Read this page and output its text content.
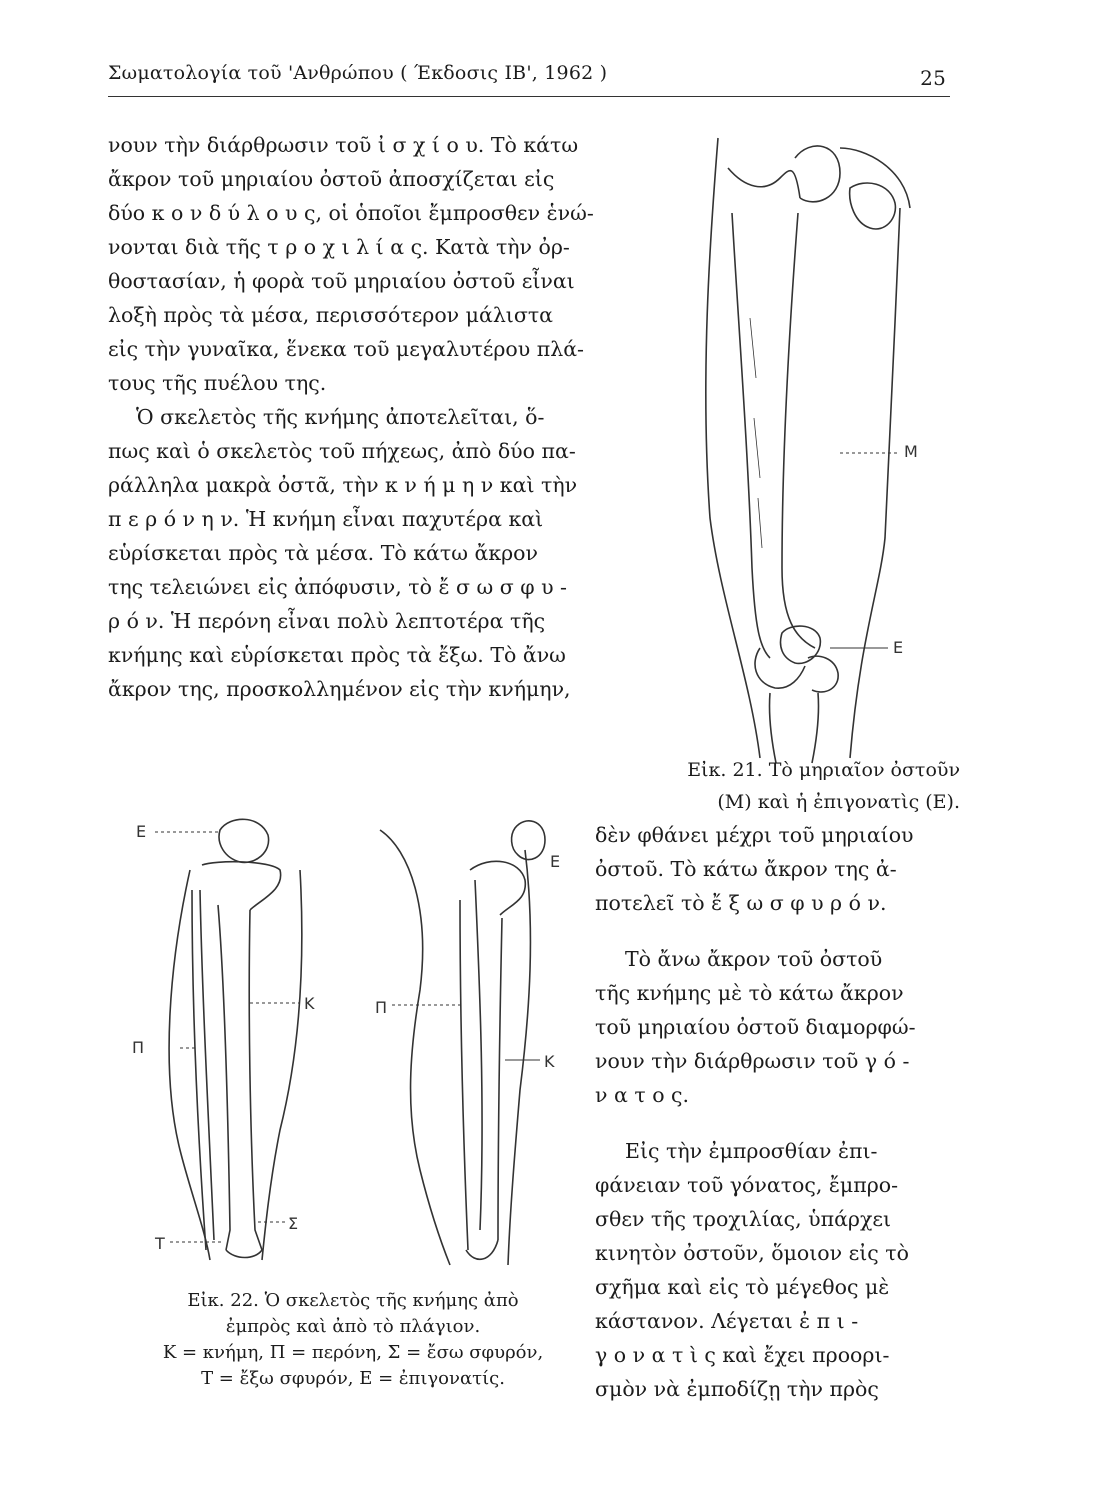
Σωματολογία τοῦ 'Ανθρώπου ( Έκδοσις ΙΒ', 1962 )	25

νουν τὴν διάρθρωσιν τοῦ ἰ σ χ ί ο υ. Τὸ κάτω
ἄκρον τοῦ μηριαίου ὀστοῦ ἀποσχίζεται εἰς
δύο κ ο ν δ ύ λ ο υ ς, οἱ ὁποῖοι ἔμπροσθεν ἑνώ-
νονται διὰ τῆς τ ρ ο χ ι λ ί α ς. Κατὰ τὴν ὀρ-
θοστασίαν, ἡ φορὰ τοῦ μηριαίου ὀστοῦ εἶναι
λοξὴ πρὸς τὰ μέσα, περισσότερον μάλιστα
εἰς τὴν γυναῖκα, ἕνεκα τοῦ μεγαλυτέρου πλά-
τους τῆς πυέλου της.

Ὁ σκελετὸς τῆς κνήμης ἀποτελεῖται, ὅ-
πως καὶ ὁ σκελετὸς τοῦ πήχεως, ἀπὸ δύο πα-
ράλληλα μακρὰ ὀστᾶ, τὴν κ ν ή μ η ν καὶ τὴν
π ε ρ ό ν η ν. Ἡ κνήμη εἶναι παχυτέρα καὶ
εὑρίσκεται πρὸς τὰ μέσα. Τὸ κάτω ἄκρον
της τελειώνει εἰς ἀπόφυσιν, τὸ ἔ σ ω σ φ υ -
ρ ό ν. Ἡ περόνη εἶναι πολὺ λεπτοτέρα τῆς
κνήμης καὶ εὑρίσκεται πρὸς τὰ ἔξω. Τὸ ἄνω
ἄκρον της, προσκολλημένον εἰς τὴν κνήμην,

M
E
Εἰκ. 21. Τὸ μηριαῖον ὀστοῦν
(Μ) καὶ ἡ ἐπιγονατὶς (Ε).

δὲν φθάνει μέχρι τοῦ μηριαίου
ὀστοῦ. Τὸ κάτω ἄκρον της ἀ-
ποτελεῖ τὸ ἔ ξ ω σ φ υ ρ ό ν.

Τὸ ἄνω ἄκρον τοῦ ὀστοῦ
τῆς κνήμης μὲ τὸ κάτω ἄκρον
τοῦ μηριαίου ὀστοῦ διαμορφώ-
νουν τὴν διάρθρωσιν τοῦ γ ό -
ν α τ ο ς.

Εἰς τὴν ἐμπροσθίαν ἐπι-
φάνειαν τοῦ γόνατος, ἔμπρο-
σθεν τῆς τροχιλίας, ὑπάρχει
κινητὸν ὀστοῦν, ὅμοιον εἰς τὸ
σχῆμα καὶ εἰς τὸ μέγεθος μὲ
κάστανον. Λέγεται ἐ π ι -
γ ο ν α τ ὶ ς καὶ ἔχει προορι-
σμὸν νὰ ἐμποδίζῃ τὴν πρὸς

E
K
Π
Σ
T
Π
E
K
Εἰκ. 22. Ὁ σκελετὸς τῆς κνήμης ἀπὸ
ἐμπρὸς καὶ ἀπὸ τὸ πλάγιον.
Κ = κνήμη, Π = περόνη, Σ = ἔσω σφυρόν,
Τ = ἔξω σφυρόν, Ε = ἐπιγονατίς.
